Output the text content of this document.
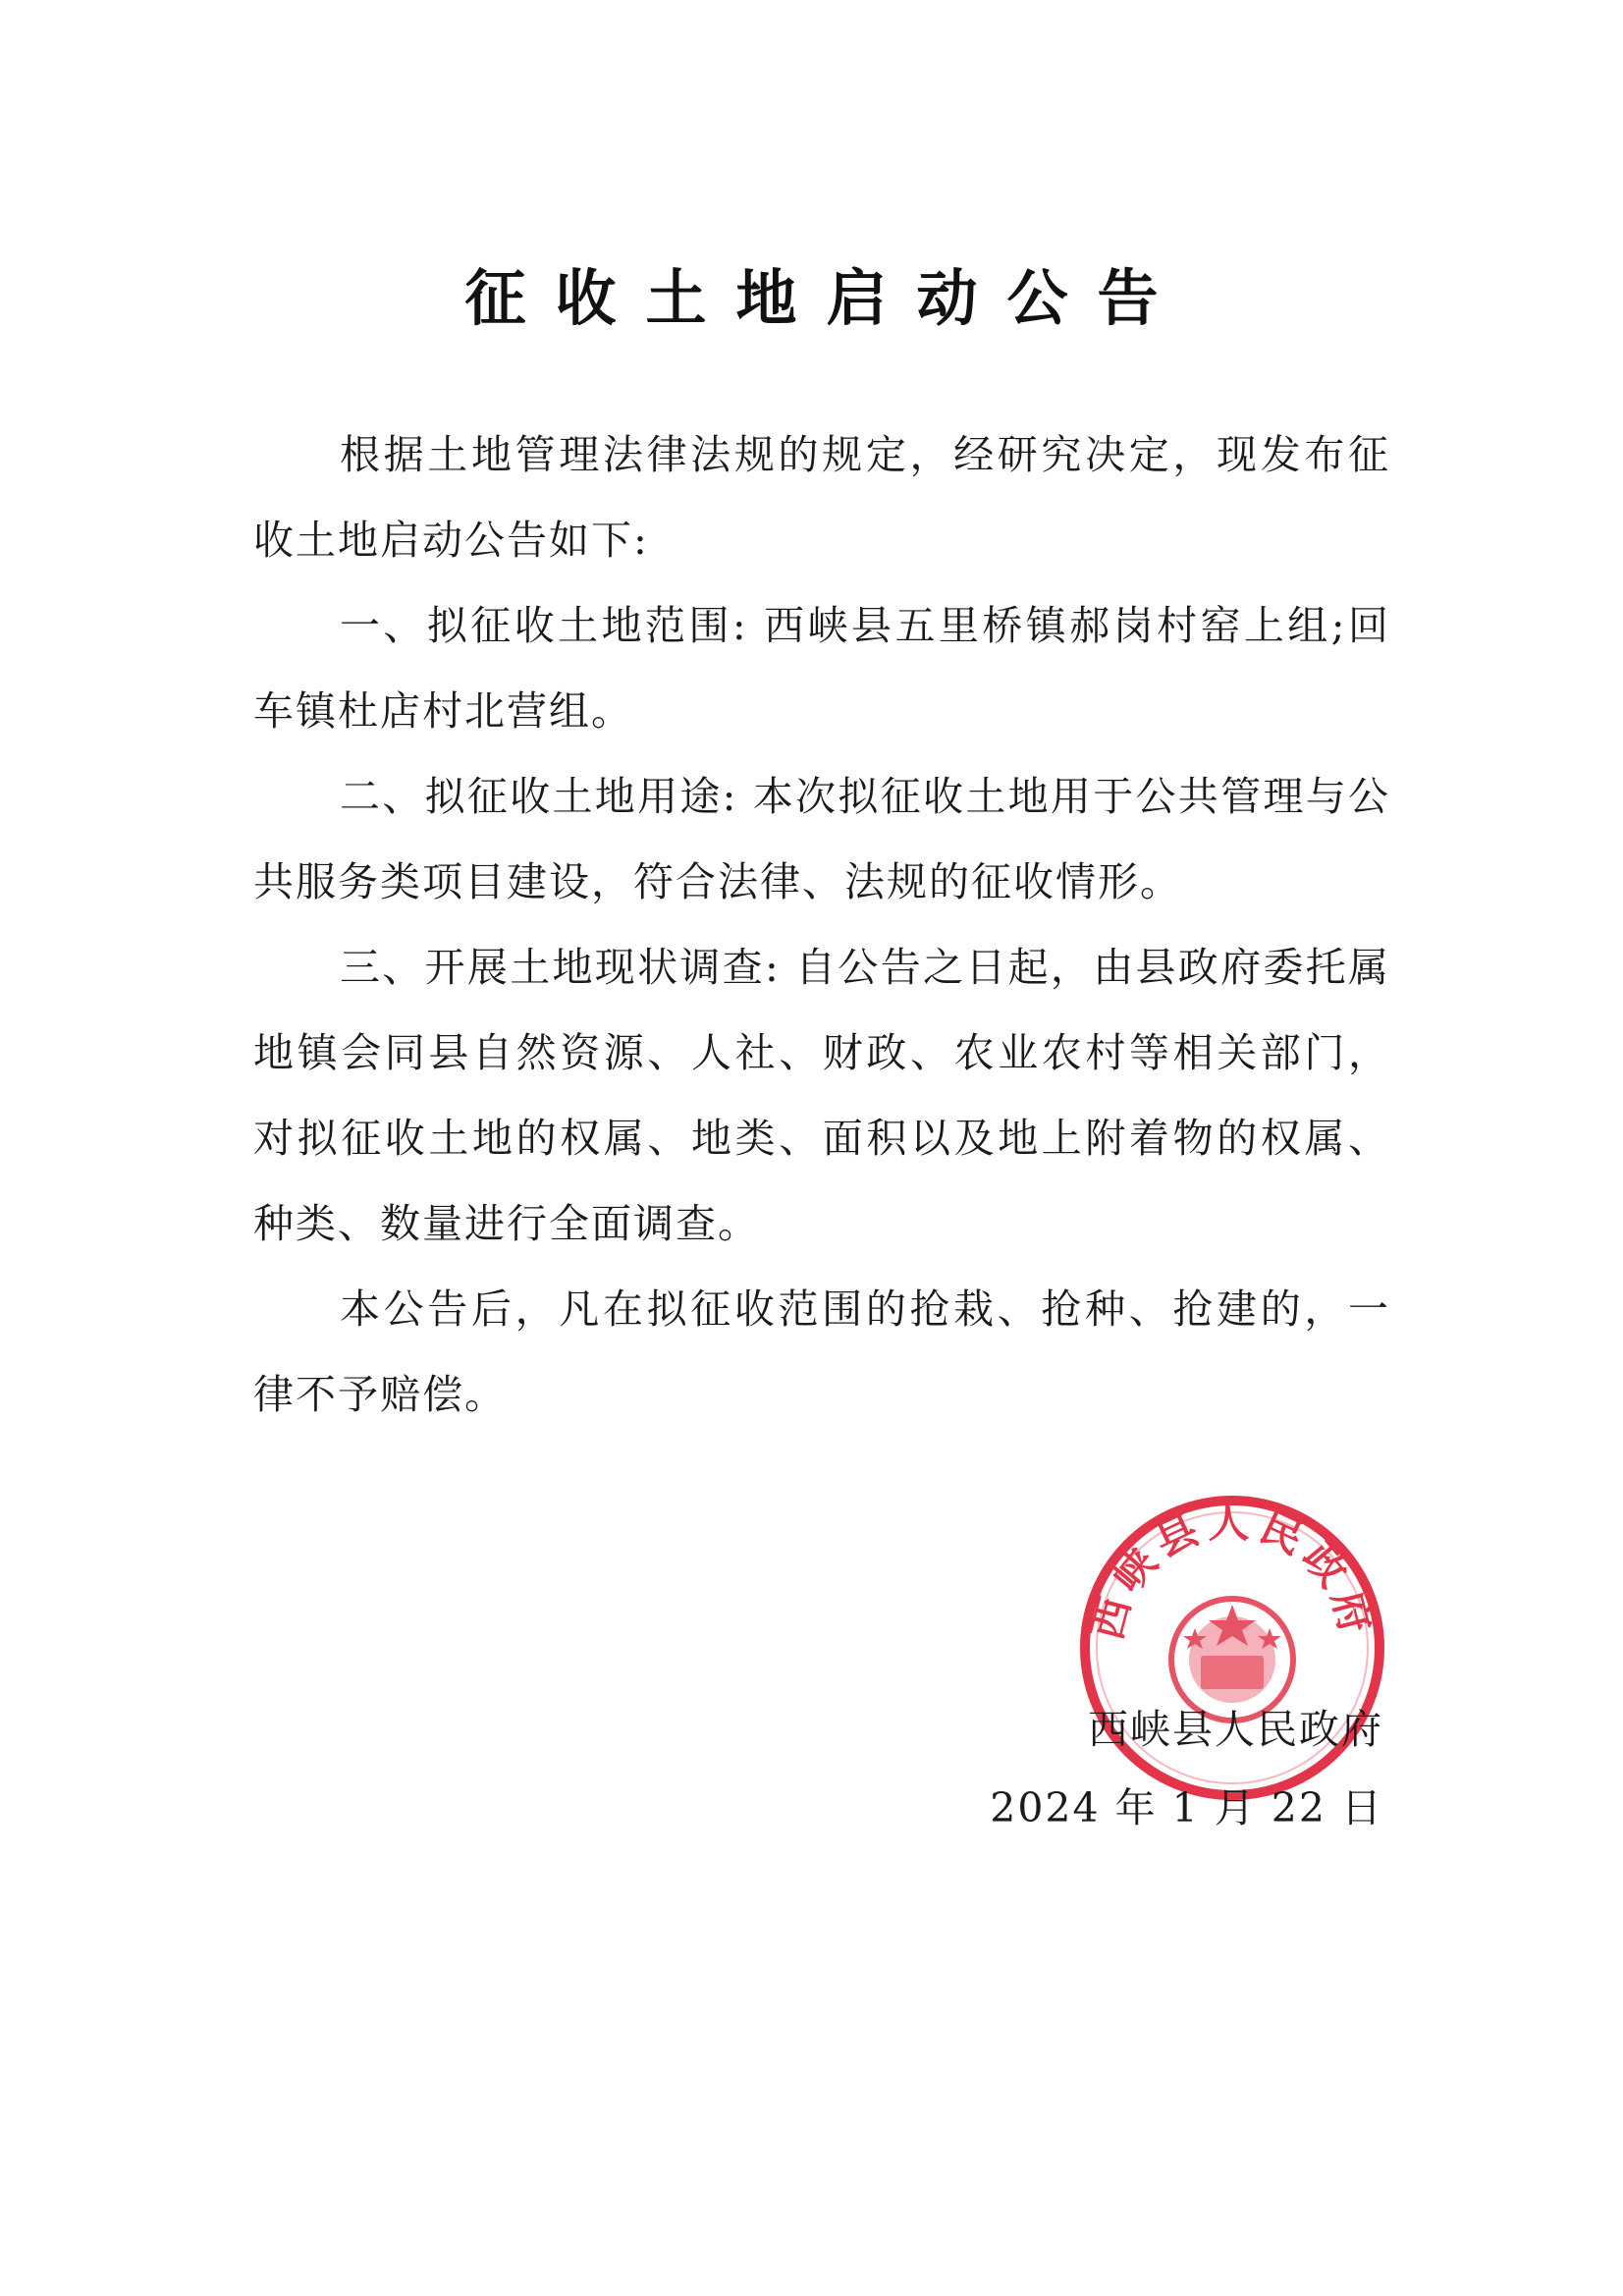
征收土地启动公告

根据土地管理法律法规的规定，经研究决定，现发布征收土地启动公告如下:

一、拟征收土地范围: 西峡县五里桥镇郝岗村窑上组;回车镇杜店村北营组。

二、拟征收土地用途: 本次拟征收土地用于公共管理与公共服务类项目建设，符合法律、法规的征收情形。

三、开展土地现状调查: 自公告之日起，由县政府委托属地镇会同县自然资源、人社、财政、农业农村等相关部门，对拟征收土地的权属、地类、面积以及地上附着物的权属、种类、数量进行全面调查。

本公告后，凡在拟征收范围的抢栽、抢种、抢建的，一律不予赔偿。

西峡县人民政府
西峡县人民政府
2024 年 1 月 22 日
